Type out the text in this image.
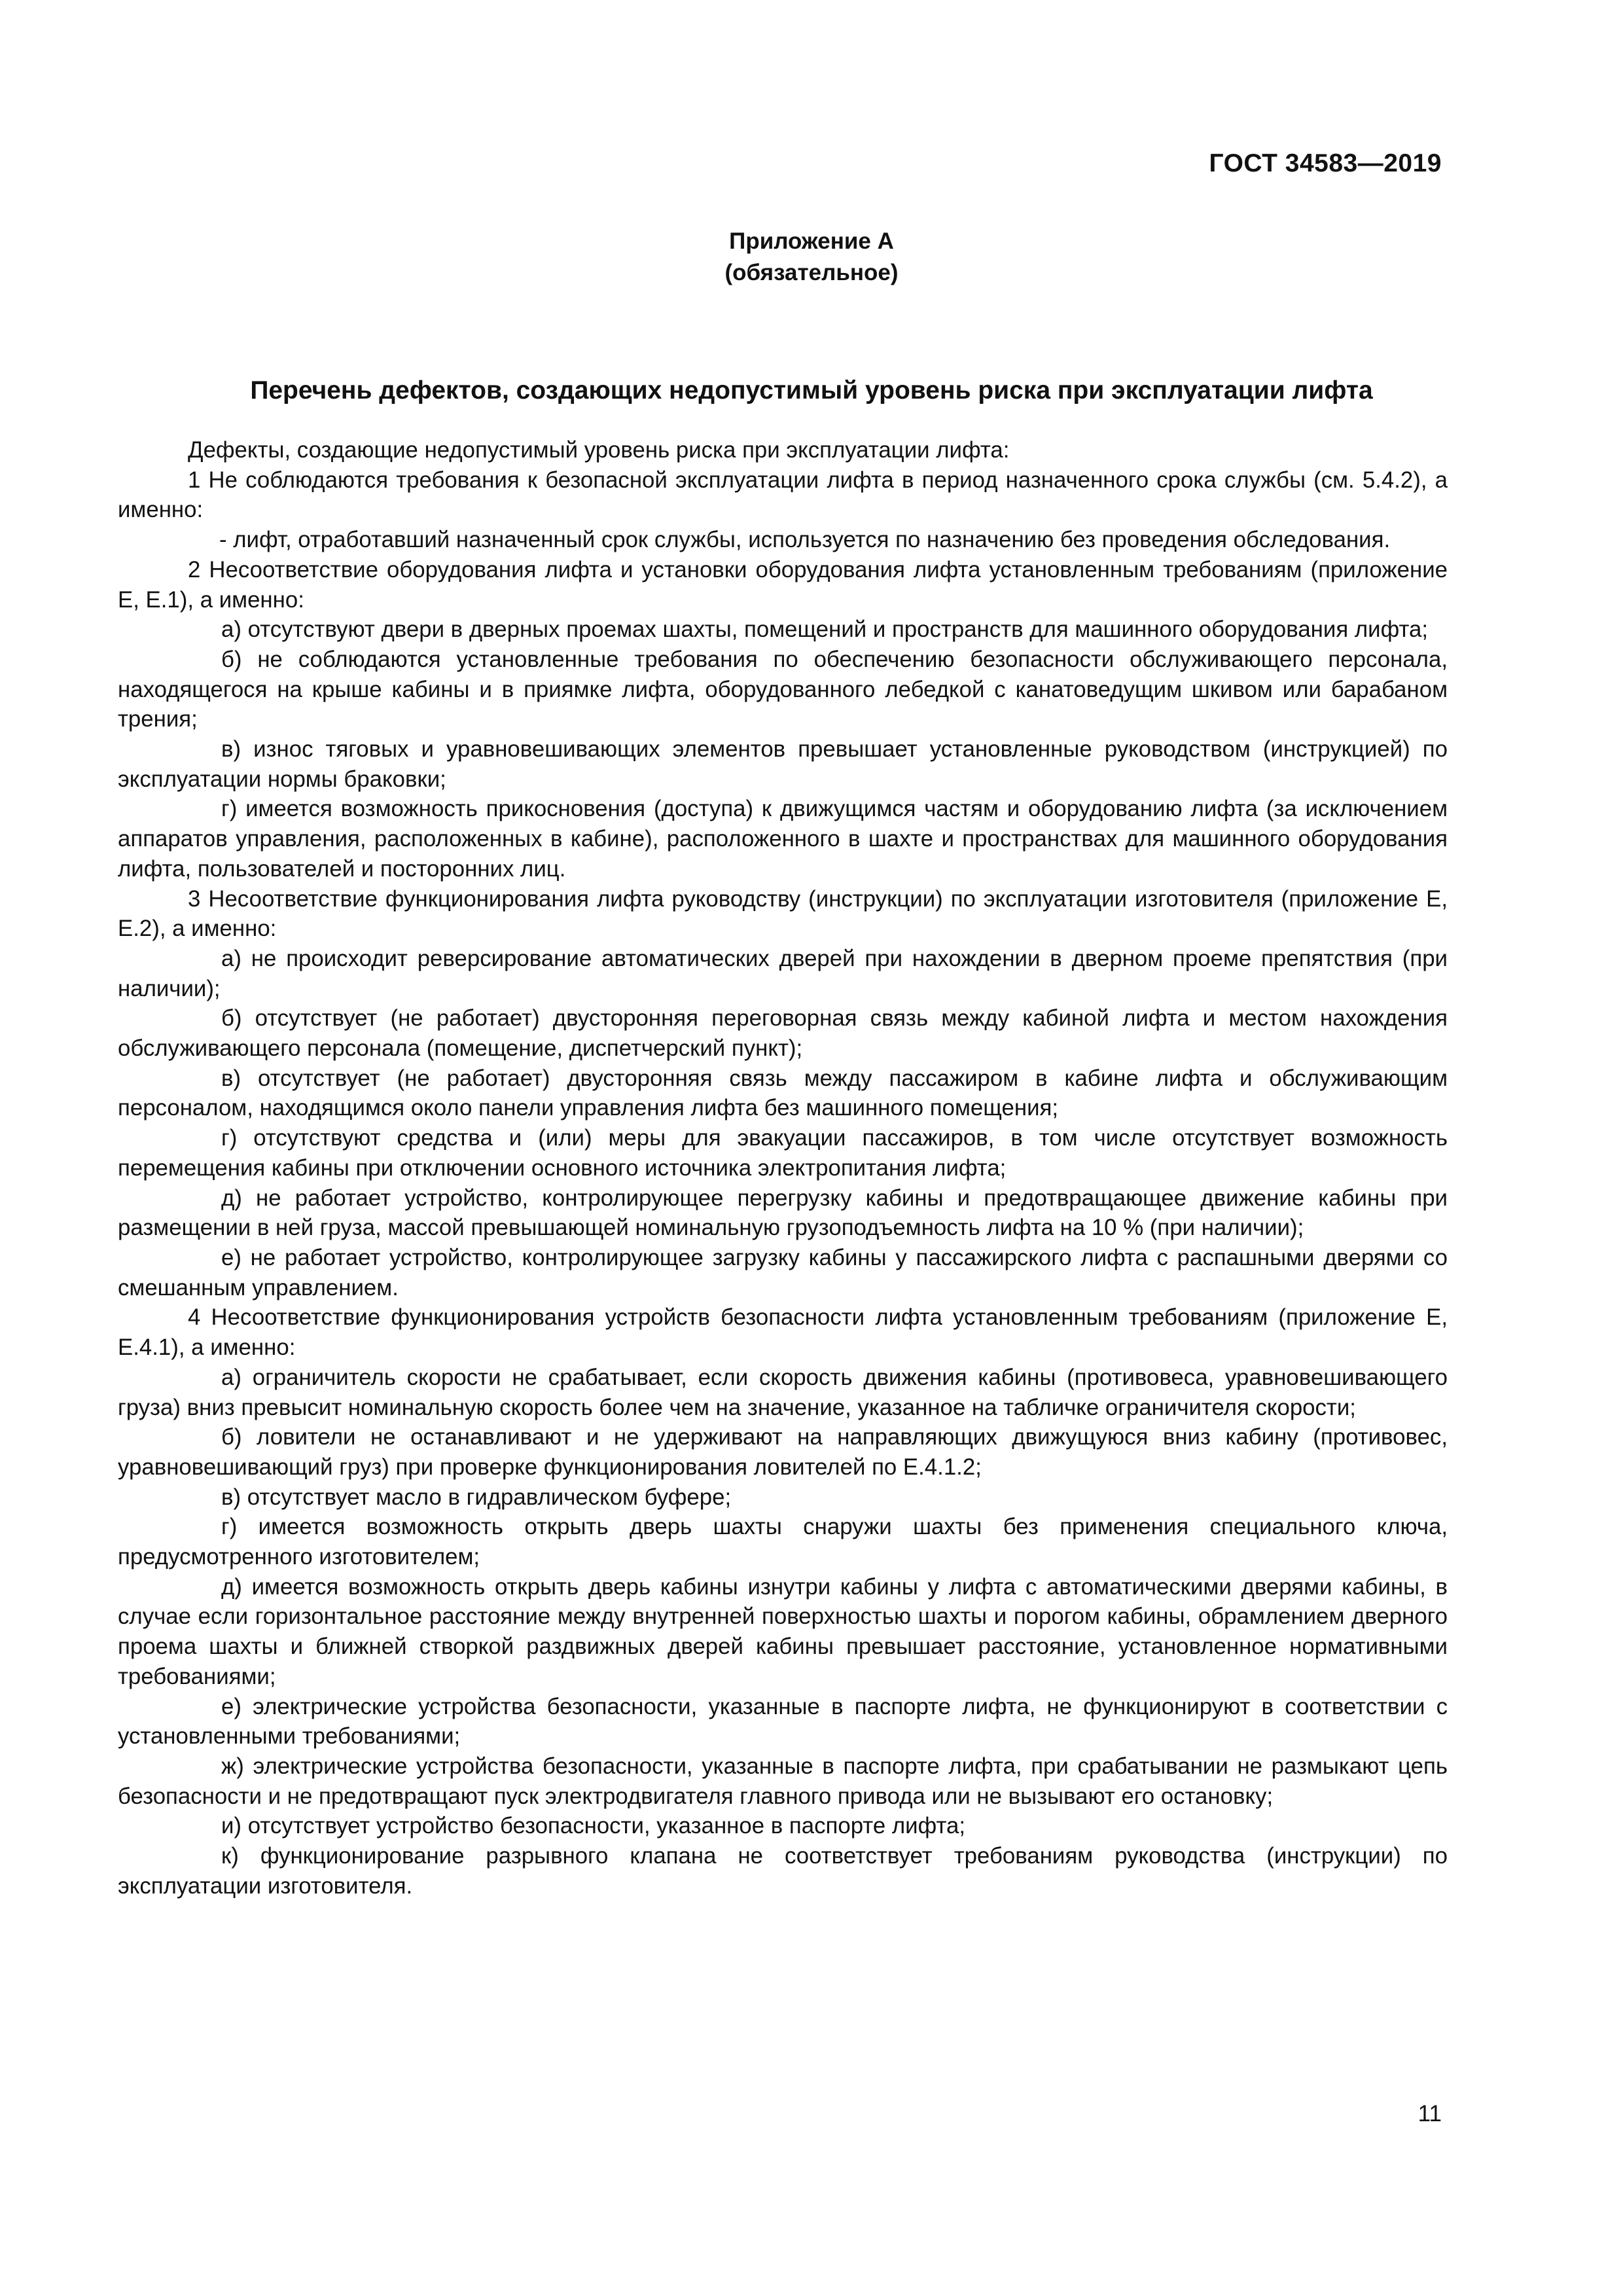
ГОСТ 34583—2019
Приложение А
(обязательное)
Перечень дефектов, создающих недопустимый уровень риска при эксплуатации лифта

Дефекты, создающие недопустимый уровень риска при эксплуатации лифта:

1 Не соблюдаются требования к безопасной эксплуатации лифта в период назначенного срока службы (см. 5.4.2), а именно:

- лифт, отработавший назначенный срок службы, используется по назначению без проведения обследования.

2 Несоответствие оборудования лифта и установки оборудования лифта установленным требованиям (приложение Е, Е.1), а именно:

а) отсутствуют двери в дверных проемах шахты, помещений и пространств для машинного оборудования лифта;

б) не соблюдаются установленные требования по обеспечению безопасности обслуживающего персонала, находящегося на крыше кабины и в приямке лифта, оборудованного лебедкой с канатоведущим шкивом или барабаном трения;

в) износ тяговых и уравновешивающих элементов превышает установленные руководством (инструкцией) по эксплуатации нормы браковки;

г) имеется возможность прикосновения (доступа) к движущимся частям и оборудованию лифта (за исключением аппаратов управления, расположенных в кабине), расположенного в шахте и пространствах для машинного оборудования лифта, пользователей и посторонних лиц.

3 Несоответствие функционирования лифта руководству (инструкции) по эксплуатации изготовителя (приложение Е, Е.2), а именно:

а) не происходит реверсирование автоматических дверей при нахождении в дверном проеме препятствия (при наличии);

б) отсутствует (не работает) двусторонняя переговорная связь между кабиной лифта и местом нахождения обслуживающего персонала (помещение, диспетчерский пункт);

в) отсутствует (не работает) двусторонняя связь между пассажиром в кабине лифта и обслуживающим персоналом, находящимся около панели управления лифта без машинного помещения;

г) отсутствуют средства и (или) меры для эвакуации пассажиров, в том числе отсутствует возможность перемещения кабины при отключении основного источника электропитания лифта;

д) не работает устройство, контролирующее перегрузку кабины и предотвращающее движение кабины при размещении в ней груза, массой превышающей номинальную грузоподъемность лифта на 10 % (при наличии);

е) не работает устройство, контролирующее загрузку кабины у пассажирского лифта с распашными дверями со смешанным управлением.

4 Несоответствие функционирования устройств безопасности лифта установленным требованиям (приложение Е, Е.4.1), а именно:

а) ограничитель скорости не срабатывает, если скорость движения кабины (противовеса, уравновешивающего груза) вниз превысит номинальную скорость более чем на значение, указанное на табличке ограничителя скорости;

б) ловители не останавливают и не удерживают на направляющих движущуюся вниз кабину (противовес, уравновешивающий груз) при проверке функционирования ловителей по Е.4.1.2;

в) отсутствует масло в гидравлическом буфере;

г) имеется возможность открыть дверь шахты снаружи шахты без применения специального ключа, предусмотренного изготовителем;

д) имеется возможность открыть дверь кабины изнутри кабины у лифта с автоматическими дверями кабины, в случае если горизонтальное расстояние между внутренней поверхностью шахты и порогом кабины, обрамлением дверного проема шахты и ближней створкой раздвижных дверей кабины превышает расстояние, установленное нормативными требованиями;

е) электрические устройства безопасности, указанные в паспорте лифта, не функционируют в соответствии с установленными требованиями;

ж) электрические устройства безопасности, указанные в паспорте лифта, при срабатывании не размыкают цепь безопасности и не предотвращают пуск электродвигателя главного привода или не вызывают его остановку;

и) отсутствует устройство безопасности, указанное в паспорте лифта;

к) функционирование разрывного клапана не соответствует требованиям руководства (инструкции) по эксплуатации изготовителя.

11
